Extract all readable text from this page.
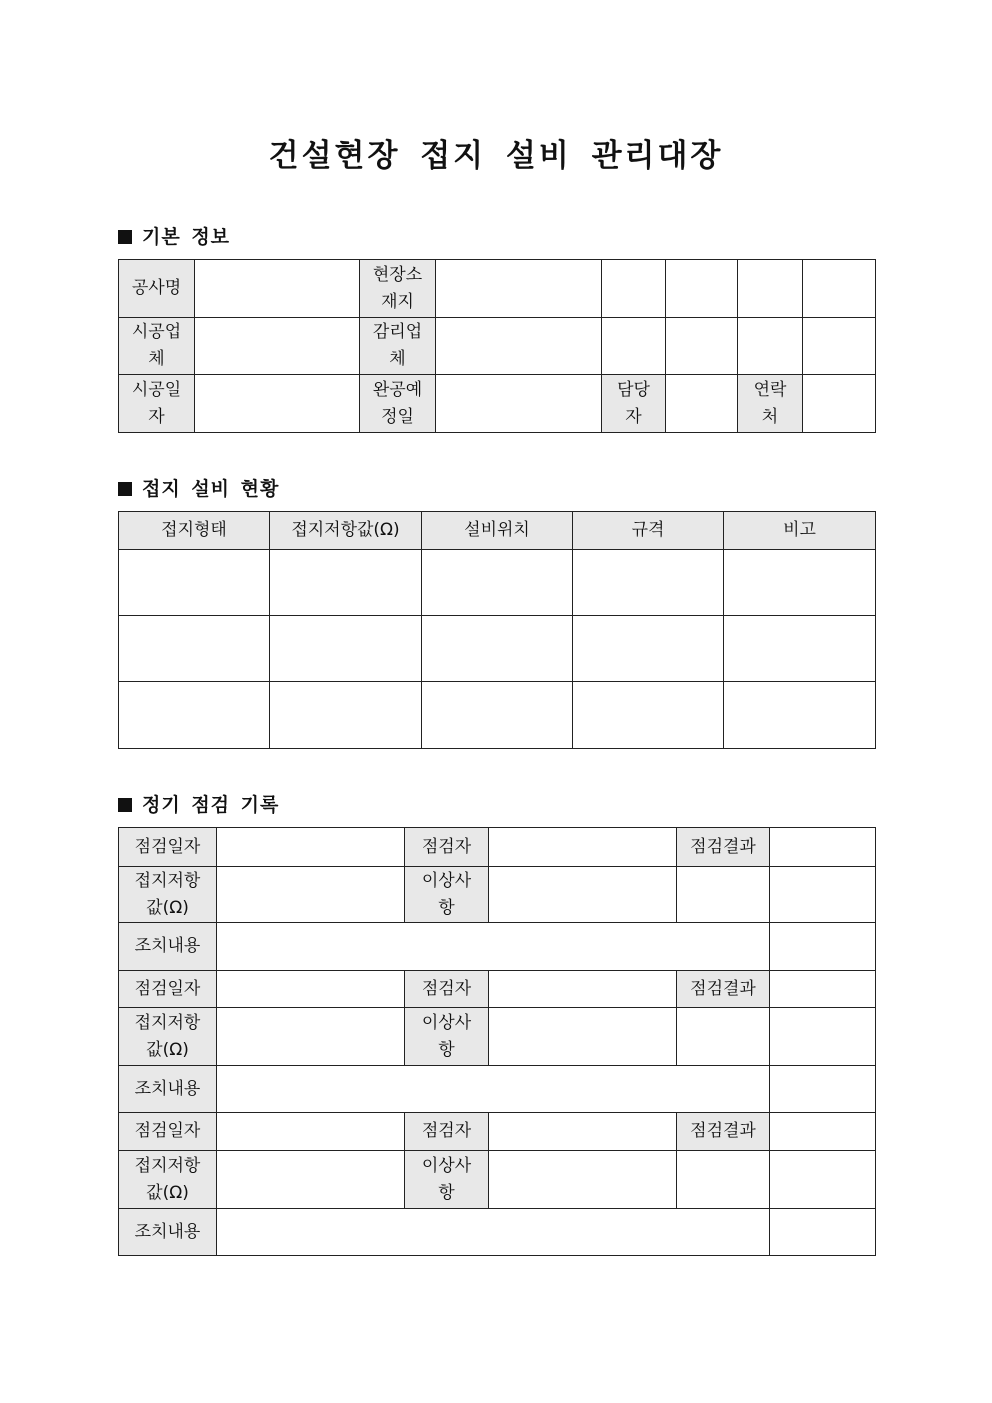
건설현장 접지 설비 관리대장
기본 정보
공사명		현장소재지					
시공업체		감리업체					
시공일자		완공예정일		담당자		연락처	
접지 설비 현황
접지형태	접지저항값(Ω)	설비위치	규격	비고

정기 점검 기록
점검일자		점검자		점검결과	
접지저항값(Ω)		이상사항			
조치내용					
점검일자		점검자		점검결과	
접지저항값(Ω)		이상사항			
조치내용					
점검일자		점검자		점검결과	
접지저항값(Ω)		이상사항			
조치내용					
